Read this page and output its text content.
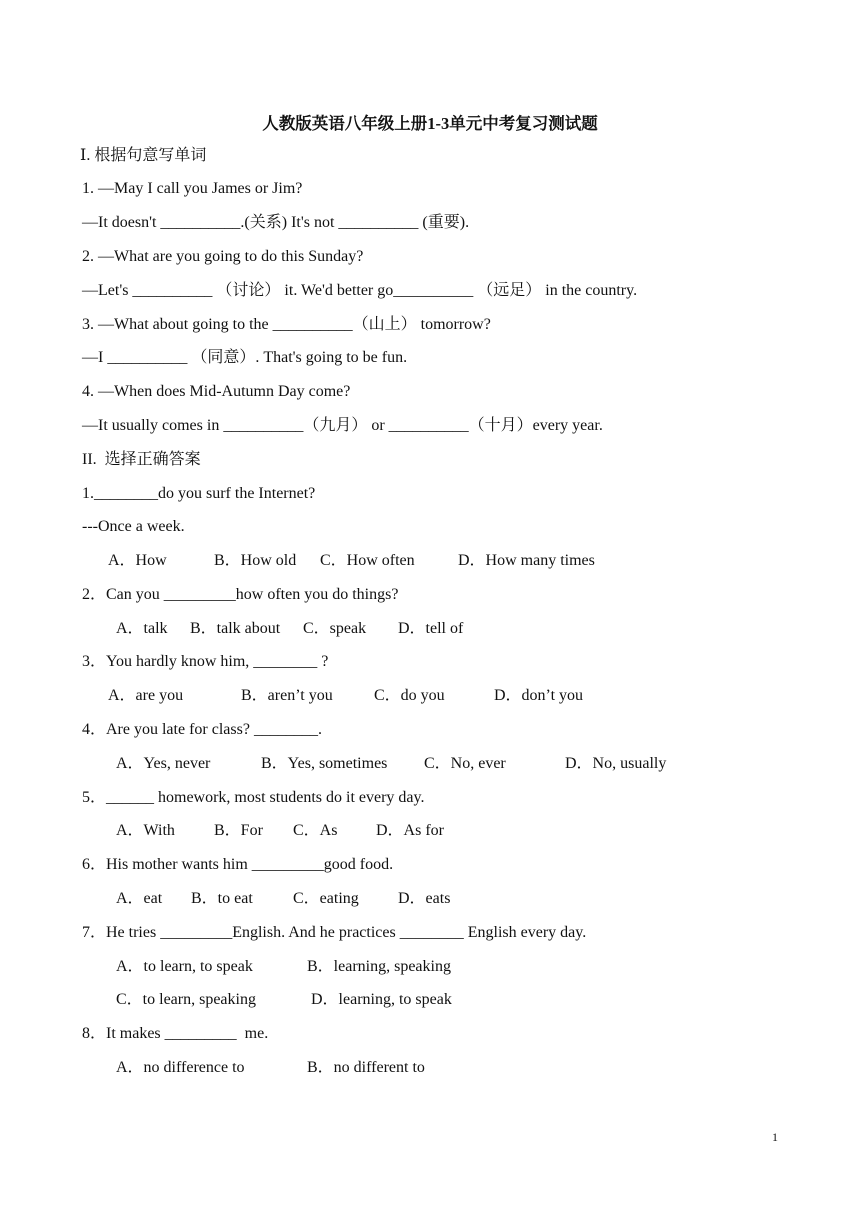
人教版英语八年级上册1-3单元中考复习测试题
Ⅰ. 根据句意写单词
1. —May I call you James or Jim?
—It doesn't __________.(关系) It's not __________ (重要).
2. —What are you going to do this Sunday?
—Let's __________ （讨论） it. We'd better go__________ （远足） in the country.
3. —What about going to the __________（山上） tomorrow?
—I __________ （同意）. That's going to be fun.
4. —When does Mid-Autumn Day come?
—It usually comes in __________（九月） or __________（十月）every year.
II.  选择正确答案
1.________do you surf the Internet?
---Once a week.
A．How	B．How old C．How often	D．How many times
2．Can you _________how often you do things?
A．talk B．talk about C．speak D．tell of
3．You hardly know him, ________ ?
A．are you	B．aren’t you	C．do you	D．don’t you
4．Are you late for class? ________.
A．Yes, never	B．Yes, sometimes C．No, ever	D．No, usually
5．______ homework, most students do it every day.
A．With B．For C．As D．As for
6．His mother wants him _________good food.
A．eat B．to eat	C．eating D．eats
7．He tries _________English. And he practices ________ English every day.
A．to learn, to speak	B．learning, speaking
C．to learn, speaking	D．learning, to speak
8．It makes _________  me.
A．no difference to	B．no different to
1
